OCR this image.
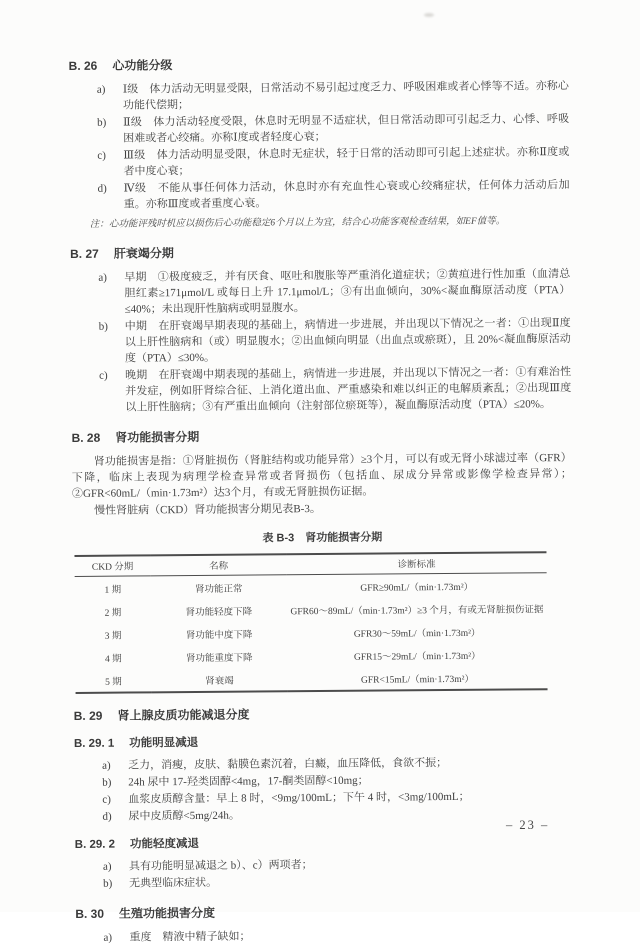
B. 26 心功能分级
a)	Ⅰ级　体力活动无明显受限，日常活动不易引起过度乏力、呼吸困难或者心悸等不适。亦称心功能代偿期；
b)	Ⅱ级　体力活动轻度受限，休息时无明显不适症状，但日常活动即可引起乏力、心悸、呼吸困难或者心绞痛。亦称Ⅰ度或者轻度心衰；
c)	Ⅲ级　体力活动明显受限，休息时无症状，轻于日常的活动即可引起上述症状。亦称Ⅱ度或者中度心衰；
d)	Ⅳ级　不能从事任何体力活动，休息时亦有充血性心衰或心绞痛症状，任何体力活动后加重。亦称Ⅲ度或者重度心衰。

注：心功能评残时机应以损伤后心功能稳定6个月以上为宜，结合心功能客观检查结果，如EF值等。

B. 27 肝衰竭分期
a)	早期　①极度疲乏，并有厌食、呕吐和腹胀等严重消化道症状；②黄疸进行性加重（血清总胆红素≥171μmol/L 或每日上升 17.1μmol/L；③有出血倾向，30%<凝血酶原活动度（PTA）≤40%；未出现肝性脑病或明显腹水。
b)	中期　在肝衰竭早期表现的基础上，病情进一步进展，并出现以下情况之一者：①出现Ⅱ度以上肝性脑病和（或）明显腹水；②出血倾向明显（出血点或瘀斑），且 20%<凝血酶原活动度（PTA）≤30%。
c)	晚期　在肝衰竭中期表现的基础上，病情进一步进展，并出现以下情况之一者：①有难治性并发症，例如肝肾综合征、上消化道出血、严重感染和难以纠正的电解质紊乱；②出现Ⅲ度以上肝性脑病；③有严重出血倾向（注射部位瘀斑等），凝血酶原活动度（PTA）≤20%。
B. 28 肾功能损害分期

肾功能损害是指：①肾脏损伤（肾脏结构或功能异常）≥3个月，可以有或无肾小球滤过率（GFR）下降，临床上表现为病理学检查异常或者肾损伤（包括血、尿成分异常或影像学检查异常）；②GFR<60mL/（min·1.73m²）达3个月，有或无肾脏损伤证据。

慢性肾脏病（CKD）肾功能损害分期见表B-3。

表 B-3　肾功能损害分期
CKD 分期	名称	诊断标准
1 期	肾功能正常	GFR≥90mL/（min·1.73m²）
2 期	肾功能轻度下降	GFR60～89mL/（min·1.73m²）≥3 个月，有或无肾脏损伤证据
3 期	肾功能中度下降	GFR30～59mL/（min·1.73m²）
4 期	肾功能重度下降	GFR15～29mL/（min·1.73m²）
5 期	肾衰竭	GFR<15mL/（min·1.73m²）
B. 29 肾上腺皮质功能减退分度
B. 29. 1 功能明显减退
a)	乏力，消瘦，皮肤、黏膜色素沉着，白癜，血压降低，食欲不振；
b)	24h 尿中 17-羟类固醇<4mg，17-酮类固醇<10mg；
c)	血浆皮质醇含量：早上 8 时，<9mg/100mL；下午 4 时，<3mg/100mL；
d)	尿中皮质醇<5mg/24h。
B. 29. 2 功能轻度减退
a)	具有功能明显减退之 b）、c）两项者；
b)	无典型临床症状。
B. 30 生殖功能损害分度
a)	重度　精液中精子缺如；
– 23 –
